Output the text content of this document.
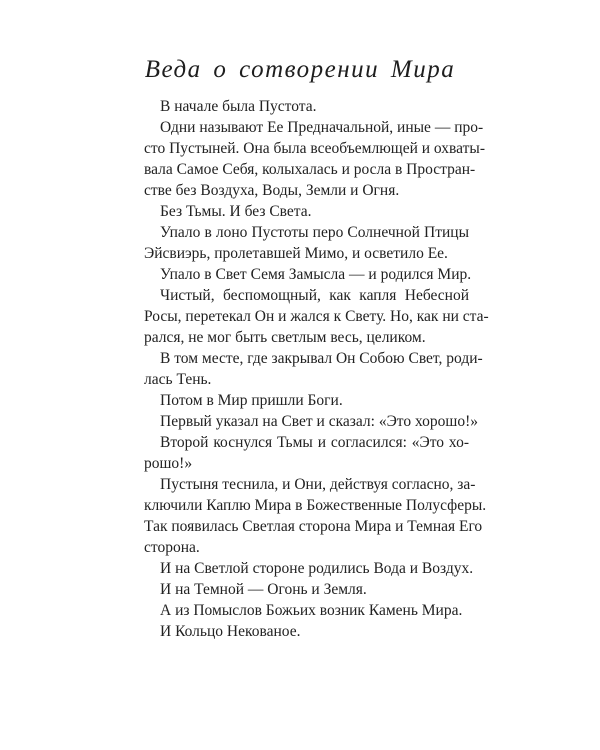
Веда о сотворении Мира
В начале была Пустота.
Одни называют Ее Предначальной, иные — про-
сто Пустыней. Она была всеобъемлющей и охваты-
вала Самое Себя, колыхалась и росла в Простран-
стве без Воздуха, Воды, Земли и Огня.
Без Тьмы. И без Света.
Упало в лоно Пустоты перо Солнечной Птицы
Эйсвиэрь, пролетавшей Мимо, и осветило Ее.
Упало в Свет Семя Замысла — и родился Мир.
Чистый, беспомощный, как капля Небесной
Росы, перетекал Он и жался к Свету. Но, как ни ста-
рался, не мог быть светлым весь, целиком.
В том месте, где закрывал Он Собою Свет, роди-
лась Тень.
Потом в Мир пришли Боги.
Первый указал на Свет и сказал: «Это хорошо!»
Второй коснулся Тьмы и согласился: «Это хо-
рошо!»
Пустыня теснила, и Они, действуя согласно, за-
ключили Каплю Мира в Божественные Полусферы.
Так появилась Светлая сторона Мира и Темная Его
сторона.
И на Светлой стороне родились Вода и Воздух.
И на Темной — Огонь и Земля.
А из Помыслов Божьих возник Камень Мира.
И Кольцо Некованое.
